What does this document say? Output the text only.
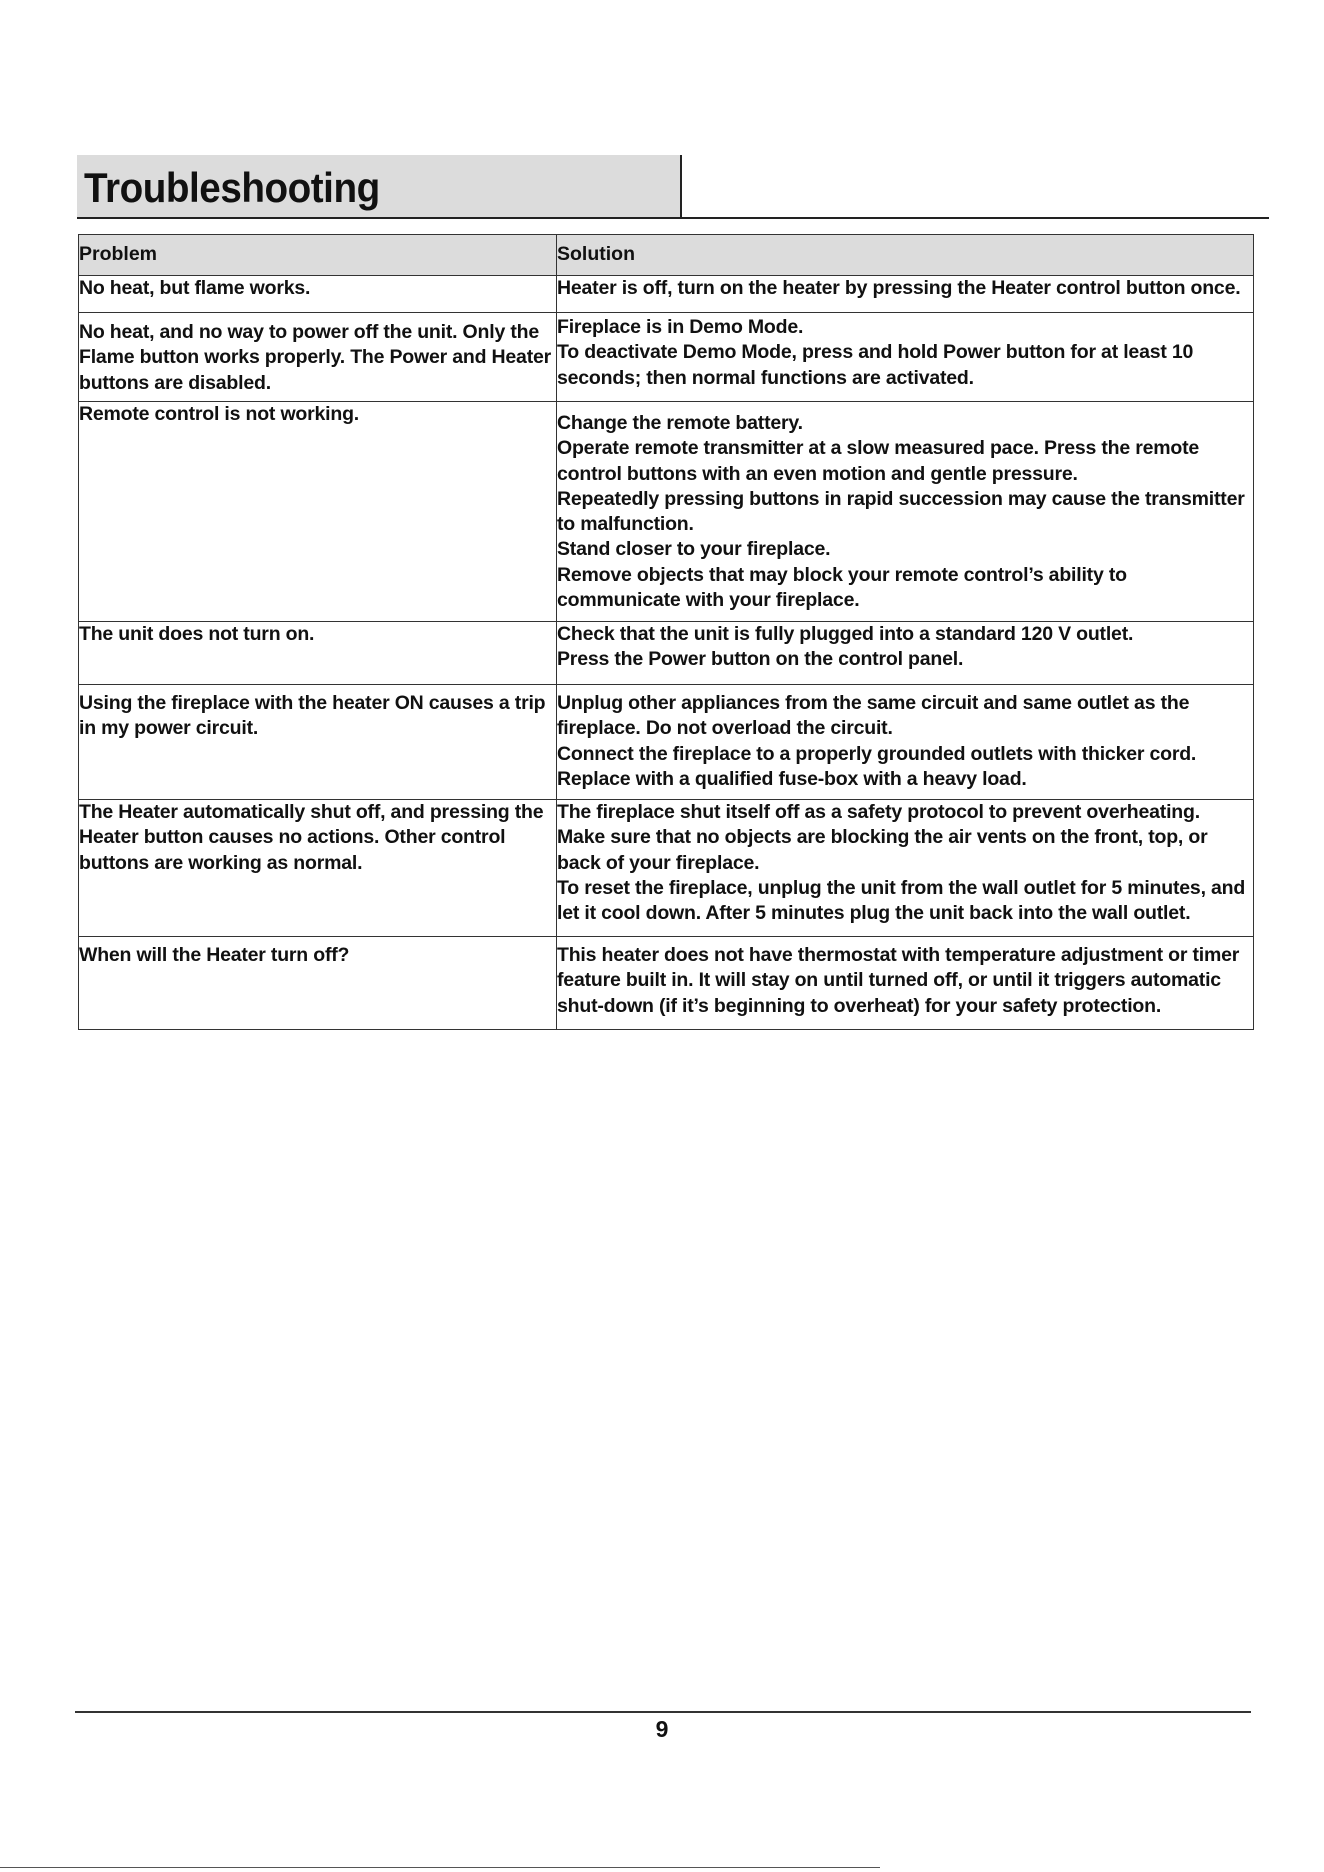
Troubleshooting
Problem	Solution

No heat, but flame works.	Heater is off, turn on the heater by pressing the Heater control button once.

No heat, and no way to power off the unit. Only the Flame button works properly. The Power and Heater buttons are disabled.	Fireplace is in Demo Mode.
To deactivate Demo Mode, press and hold Power button for at least 10 seconds; then normal functions are activated.

Remote control is not working.	Change the remote battery.
Operate remote transmitter at a slow measured pace. Press the remote control buttons with an even motion and gentle pressure.
Repeatedly pressing buttons in rapid succession may cause the transmitter to malfunction.
Stand closer to your fireplace.
Remove objects that may block your remote control’s ability to communicate with your fireplace.

The unit does not turn on.	Check that the unit is fully plugged into a standard 120 V outlet.
Press the Power button on the control panel.

Using the fireplace with the heater ON causes a trip in my power circuit.	Unplug other appliances from the same circuit and same outlet as the fireplace. Do not overload the circuit.
Connect the fireplace to a properly grounded outlets with thicker cord.
Replace with a qualified fuse-box with a heavy load.

The Heater automatically shut off, and pressing the Heater button causes no actions. Other control buttons are working as normal.	The fireplace shut itself off as a safety protocol to prevent overheating.
Make sure that no objects are blocking the air vents on the front, top, or back of your fireplace.
To reset the fireplace, unplug the unit from the wall outlet for 5 minutes, and let it cool down. After 5 minutes plug the unit back into the wall outlet.

When will the Heater turn off?	This heater does not have thermostat with temperature adjustment or timer feature built in. It will stay on until turned off, or until it triggers automatic shut-down (if it’s beginning to overheat) for your safety protection.
9
